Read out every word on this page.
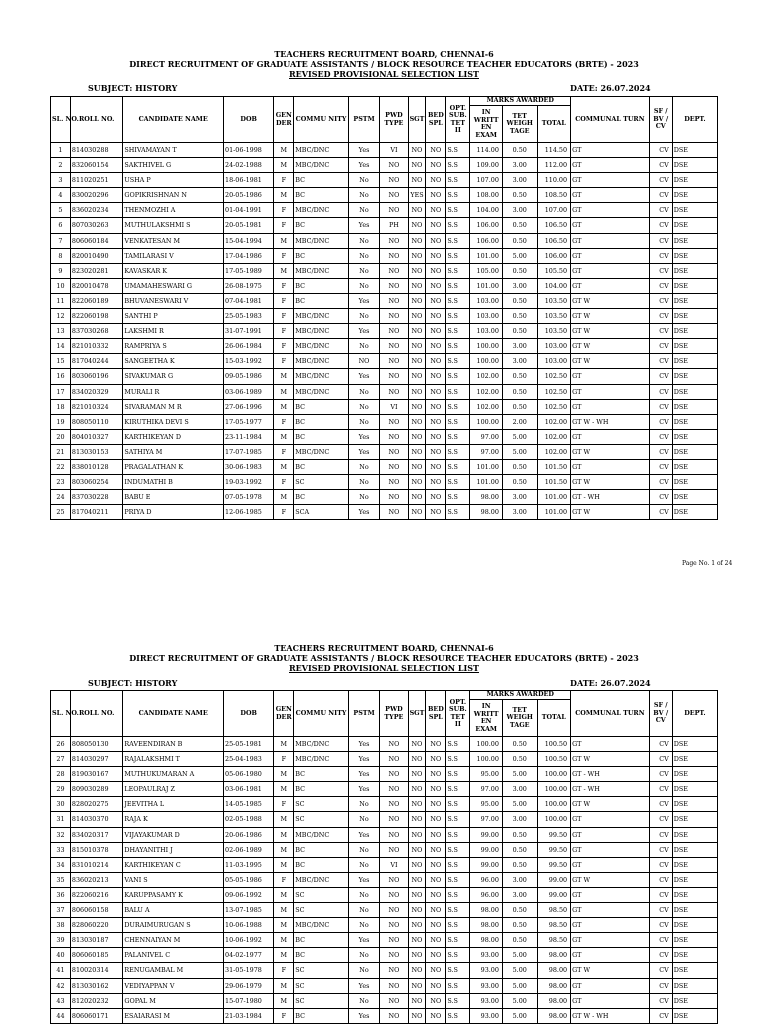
TEACHERS RECRUITMENT BOARD, CHENNAI-6
DIRECT RECRUITMENT OF GRADUATE ASSISTANTS / BLOCK RESOURCE TEACHER EDUCATORS (BRTE) - 2023
REVISED PROVISIONAL SELECTION LIST
SUBJECT: HISTORY	DATE: 26.07.2024
SL. NO.	ROLL NO.	CANDIDATE NAME	DOB	GEN DER	COMMU NITY	PSTM	PWD TYPE	SGT	BED SPL	OPT. SUB. TET II	MARKS AWARDED			COMMUNAL TURN	SF / BV / CV	DEPT.
											IN WRITT EN EXAM	TET WEIGH TAGE	TOTAL			
1	814030288	SHIVAMAYAN T	01-06-1998	M	MBC/DNC	Yes	VI	NO	NO	S.S	114.00	0.50	114.50	GT	CV	DSE
2	832060154	SAKTHIVEL G	24-02-1988	M	MBC/DNC	Yes	NO	NO	NO	S.S	109.00	3.00	112.00	GT	CV	DSE
3	811020251	USHA P	18-06-1981	F	BC	No	NO	NO	NO	S.S	107.00	3.00	110.00	GT	CV	DSE
4	830020296	GOPIKRISHNAN N	20-05-1986	M	BC	No	NO	YES	NO	S.S	108.00	0.50	108.50	GT	CV	DSE
5	836020234	THENMOZHI A	01-04-1991	F	MBC/DNC	No	NO	NO	NO	S.S	104.00	3.00	107.00	GT	CV	DSE
6	807030263	MUTHULAKSHMI S	20-05-1981	F	BC	Yes	PH	NO	NO	S.S	106.00	0.50	106.50	GT	CV	DSE
7	806060184	VENKATESAN M	15-04-1994	M	MBC/DNC	No	NO	NO	NO	S.S	106.00	0.50	106.50	GT	CV	DSE
8	820010490	TAMILARASI V	17-04-1986	F	BC	No	NO	NO	NO	S.S	101.00	5.00	106.00	GT	CV	DSE
9	823020281	KAVASKAR K	17-05-1989	M	MBC/DNC	No	NO	NO	NO	S.S	105.00	0.50	105.50	GT	CV	DSE
10	820010478	UMAMAHESWARI G	26-08-1975	F	BC	No	NO	NO	NO	S.S	101.00	3.00	104.00	GT	CV	DSE
11	822060189	BHUVANESWARI V	07-04-1981	F	BC	Yes	NO	NO	NO	S.S	103.00	0.50	103.50	GT W	CV	DSE
12	822060198	SANTHI P	25-05-1983	F	MBC/DNC	No	NO	NO	NO	S.S	103.00	0.50	103.50	GT W	CV	DSE
13	837030268	LAKSHMI R	31-07-1991	F	MBC/DNC	Yes	NO	NO	NO	S.S	103.00	0.50	103.50	GT W	CV	DSE
14	821010332	RAMPRIYA S	26-06-1984	F	MBC/DNC	No	NO	NO	NO	S.S	100.00	3.00	103.00	GT W	CV	DSE
15	817040244	SANGEETHA K	15-03-1992	F	MBC/DNC	NO	NO	NO	NO	S.S	100.00	3.00	103.00	GT W	CV	DSE
16	803060196	SIVAKUMAR G	09-05-1986	M	MBC/DNC	Yes	NO	NO	NO	S.S	102.00	0.50	102.50	GT	CV	DSE
17	834020329	MURALI R	03-06-1989	M	MBC/DNC	No	NO	NO	NO	S.S	102.00	0.50	102.50	GT	CV	DSE
18	821010324	SIVARAMAN M R	27-06-1996	M	BC	No	VI	NO	NO	S.S	102.00	0.50	102.50	GT	CV	DSE
19	808050110	KIRUTHIKA DEVI S	17-05-1977	F	BC	No	NO	NO	NO	S.S	100.00	2.00	102.00	GT W - WH	CV	DSE
20	804010327	KARTHIKEYAN D	23-11-1984	M	BC	Yes	NO	NO	NO	S.S	97.00	5.00	102.00	GT	CV	DSE
21	813030153	SATHIYA M	17-07-1985	F	MBC/DNC	Yes	NO	NO	NO	S.S	97.00	5.00	102.00	GT W	CV	DSE
22	838010128	PRAGALATHAN K	30-06-1983	M	BC	No	NO	NO	NO	S.S	101.00	0.50	101.50	GT	CV	DSE
23	803060254	INDUMATHI B	19-03-1992	F	SC	No	NO	NO	NO	S.S	101.00	0.50	101.50	GT W	CV	DSE
24	837030228	BABU E	07-05-1978	M	BC	No	NO	NO	NO	S.S	98.00	3.00	101.00	GT - WH	CV	DSE
25	817040211	PRIYA D	12-06-1985	F	SCA	Yes	NO	NO	NO	S.S	98.00	3.00	101.00	GT W	CV	DSE
Page No. 1 of 24
TEACHERS RECRUITMENT BOARD, CHENNAI-6
DIRECT RECRUITMENT OF GRADUATE ASSISTANTS / BLOCK RESOURCE TEACHER EDUCATORS (BRTE) - 2023
REVISED PROVISIONAL SELECTION LIST
SUBJECT: HISTORY	DATE: 26.07.2024
SL. NO.	ROLL NO.	CANDIDATE NAME	DOB	GEN DER	COMMU NITY	PSTM	PWD TYPE	SGT	BED SPL	OPT. SUB. TET II	MARKS AWARDED			COMMUNAL TURN	SF / BV / CV	DEPT.
											IN WRITT EN EXAM	TET WEIGH TAGE	TOTAL			
26	808050130	RAVEENDIRAN B	25-05-1981	M	MBC/DNC	Yes	NO	NO	NO	S.S	100.00	0.50	100.50	GT	CV	DSE
27	814030297	RAJALAKSHMI T	25-04-1983	F	MBC/DNC	Yes	NO	NO	NO	S.S	100.00	0.50	100.50	GT W	CV	DSE
28	819030167	MUTHUKUMARAN A	05-06-1980	M	BC	Yes	NO	NO	NO	S.S	95.00	5.00	100.00	GT - WH	CV	DSE
29	809030289	LEOPAULRAJ Z	03-06-1981	M	BC	Yes	NO	NO	NO	S.S	97.00	3.00	100.00	GT - WH	CV	DSE
30	828020275	JEEVITHA L	14-05-1985	F	SC	No	NO	NO	NO	S.S	95.00	5.00	100.00	GT W	CV	DSE
31	814030370	RAJA K	02-05-1988	M	SC	No	NO	NO	NO	S.S	97.00	3.00	100.00	GT	CV	DSE
32	834020317	VIJAYAKUMAR D	20-06-1986	M	MBC/DNC	Yes	NO	NO	NO	S.S	99.00	0.50	99.50	GT	CV	DSE
33	815010378	DHAYANITHI J	02-06-1989	M	BC	No	NO	NO	NO	S.S	99.00	0.50	99.50	GT	CV	DSE
34	831010214	KARTHIKEYAN C	11-03-1995	M	BC	No	VI	NO	NO	S.S	99.00	0.50	99.50	GT	CV	DSE
35	836020213	VANI S	05-05-1986	F	MBC/DNC	Yes	NO	NO	NO	S.S	96.00	3.00	99.00	GT W	CV	DSE
36	822060216	KARUPPASAMY K	09-06-1992	M	SC	No	NO	NO	NO	S.S	96.00	3.00	99.00	GT	CV	DSE
37	806060158	BALU A	13-07-1985	M	SC	No	NO	NO	NO	S.S	98.00	0.50	98.50	GT	CV	DSE
38	828060220	DURAIMURUGAN S	10-06-1988	M	MBC/DNC	No	NO	NO	NO	S.S	98.00	0.50	98.50	GT	CV	DSE
39	813030187	CHENNAIYAN M	10-06-1992	M	BC	Yes	NO	NO	NO	S.S	98.00	0.50	98.50	GT	CV	DSE
40	806060185	PALANIVEL C	04-02-1977	M	BC	No	NO	NO	NO	S.S	93.00	5.00	98.00	GT	CV	DSE
41	810020314	RENUGAMBAL M	31-05-1978	F	SC	No	NO	NO	NO	S.S	93.00	5.00	98.00	GT W	CV	DSE
42	813030162	VEDIYAPPAN V	29-06-1979	M	SC	Yes	NO	NO	NO	S.S	93.00	5.00	98.00	GT	CV	DSE
43	812020232	GOPAL M	15-07-1980	M	SC	No	NO	NO	NO	S.S	93.00	5.00	98.00	GT	CV	DSE
44	806060171	ESAIARASI M	21-03-1984	F	BC	Yes	NO	NO	NO	S.S	93.00	5.00	98.00	GT W - WH	CV	DSE
